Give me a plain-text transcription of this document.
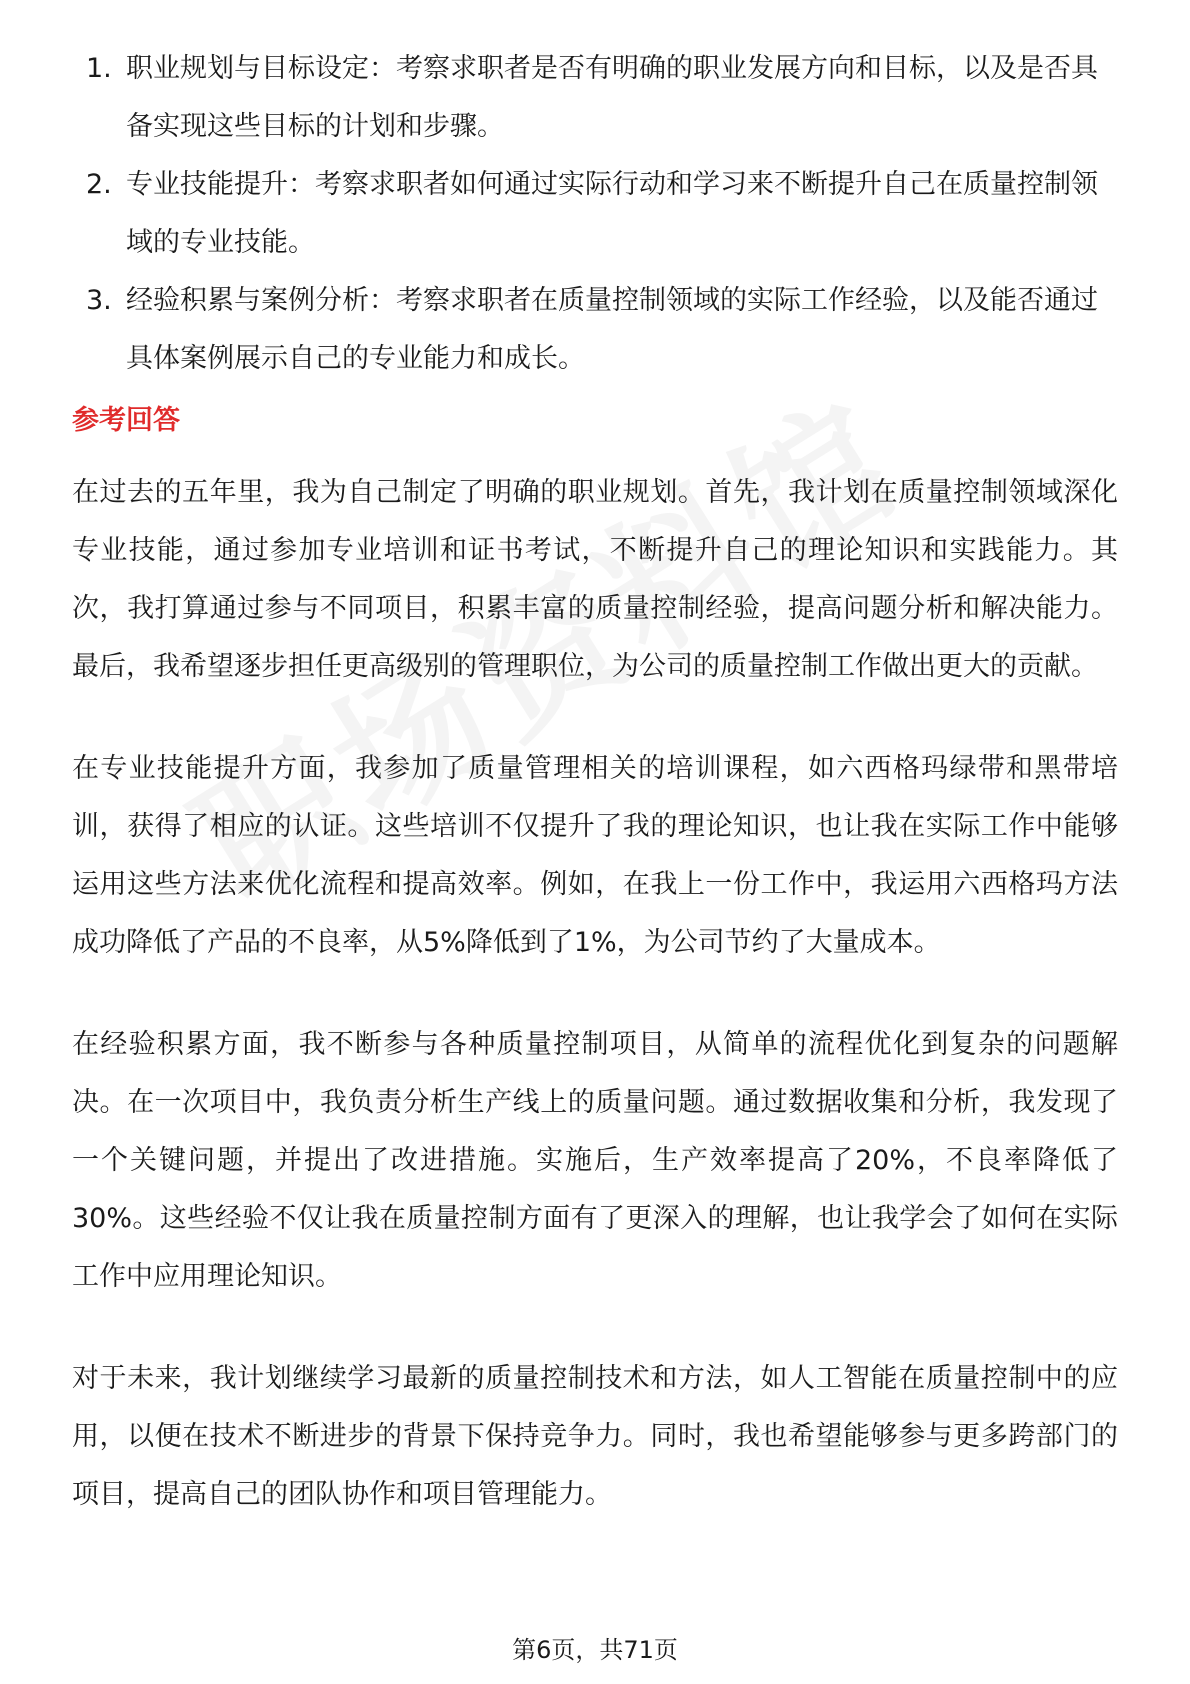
1. 职业规划与目标设定：考察求职者是否有明确的职业发展方向和目标，以及是否具备实现这些目标的计划和步骤。
2. 专业技能提升：考察求职者如何通过实际行动和学习来不断提升自己在质量控制领域的专业技能。
3. 经验积累与案例分析：考察求职者在质量控制领域的实际工作经验，以及能否通过具体案例展示自己的专业能力和成长。
参考回答

在过去的五年里，我为自己制定了明确的职业规划。首先，我计划在质量控制领域深化专业技能，通过参加专业培训和证书考试，不断提升自己的理论知识和实践能力。其次，我打算通过参与不同项目，积累丰富的质量控制经验，提高问题分析和解决能力。最后，我希望逐步担任更高级别的管理职位，为公司的质量控制工作做出更大的贡献。

在专业技能提升方面，我参加了质量管理相关的培训课程，如六西格玛绿带和黑带培训，获得了相应的认证。这些培训不仅提升了我的理论知识，也让我在实际工作中能够运用这些方法来优化流程和提高效率。例如，在我上一份工作中，我运用六西格玛方法成功降低了产品的不良率，从5%降低到了1%，为公司节约了大量成本。

在经验积累方面，我不断参与各种质量控制项目，从简单的流程优化到复杂的问题解决。在一次项目中，我负责分析生产线上的质量问题。通过数据收集和分析，我发现了一个关键问题，并提出了改进措施。实施后，生产效率提高了20%，不良率降低了30%。这些经验不仅让我在质量控制方面有了更深入的理解，也让我学会了如何在实际工作中应用理论知识。

对于未来，我计划继续学习最新的质量控制技术和方法，如人工智能在质量控制中的应用，以便在技术不断进步的背景下保持竞争力。同时，我也希望能够参与更多跨部门的项目，提高自己的团队协作和项目管理能力。

第6页，共71页
